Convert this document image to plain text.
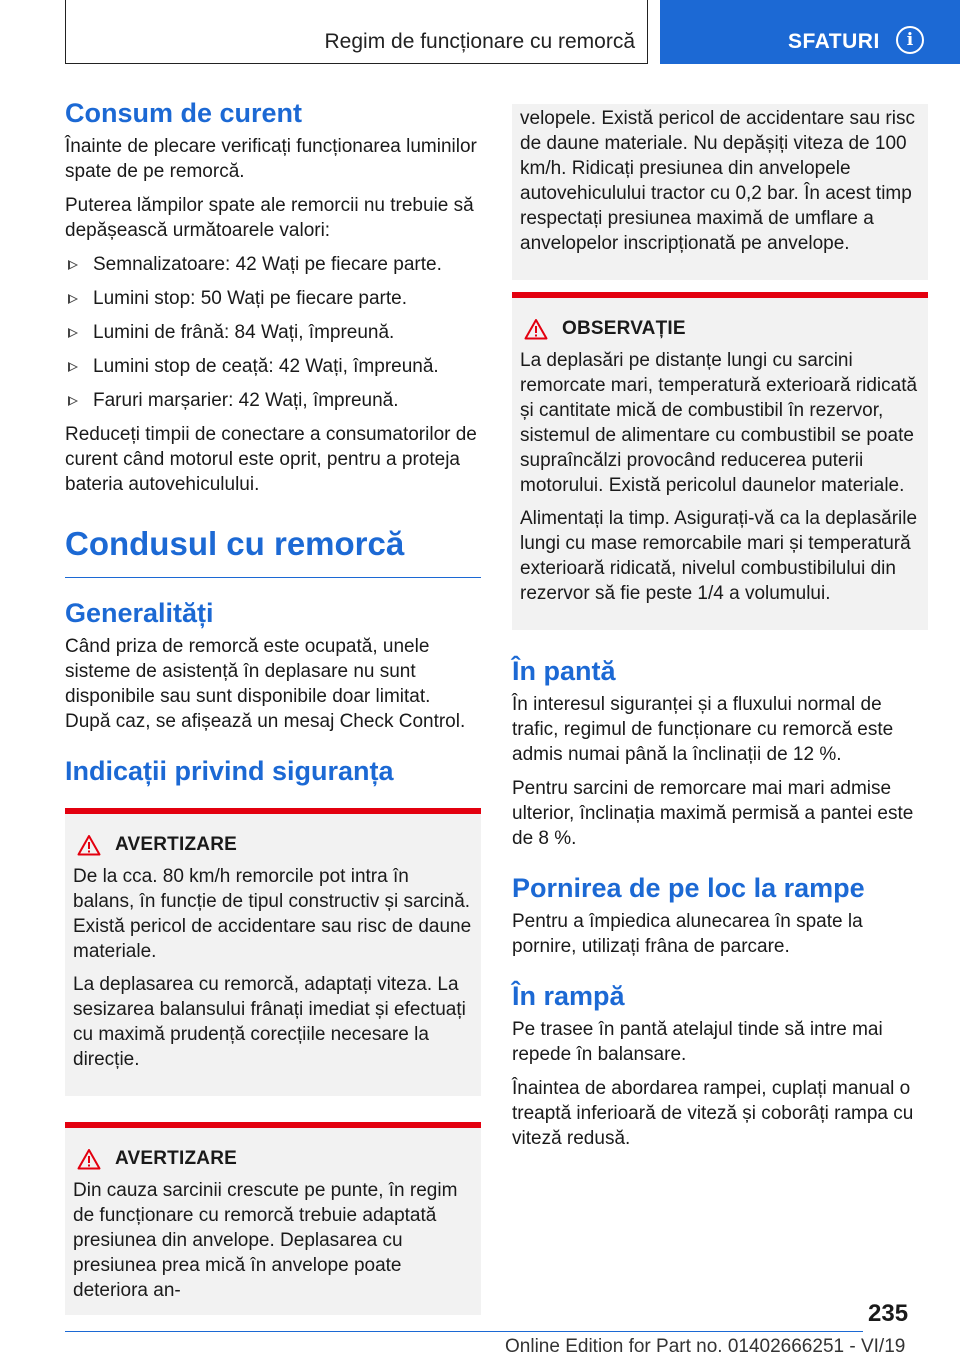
Regim de funcționare cu remorcă	SFATURI	i
Consum de curent

Înainte de plecare verificați funcționarea luminilor spate de pe remorcă.

Puterea lămpilor spate ale remorcii nu trebuie să depășească următoarele valori:

Semnalizatoare: 42 Wați pe fiecare parte.
Lumini stop: 50 Wați pe fiecare parte.
Lumini de frână: 84 Wați, împreună.
Lumini stop de ceață: 42 Wați, împreună.
Faruri marșarier: 42 Wați, împreună.

Reduceți timpii de conectare a consumatorilor de curent când motorul este oprit, pentru a proteja bateria autovehiculului.

Condusul cu remorcă
Generalități

Când priza de remorcă este ocupată, unele sisteme de asistență în deplasare nu sunt disponibile sau sunt disponibile doar limitat. După caz, se afișează un mesaj Check Control.

Indicații privind siguranța
AVERTIZARE

De la cca. 80 km/h remorcile pot intra în balans, în funcție de tipul constructiv și sarcină. Există pericol de accidentare sau risc de daune materiale.

La deplasarea cu remorcă, adaptați viteza. La sesizarea balansului frânați imediat și efectuați cu maximă prudență corecțiile necesare la direcție.

AVERTIZARE

Din cauza sarcinii crescute pe punte, în regim de funcționare cu remorcă trebuie adaptată presiunea din anvelope. Deplasarea cu presiunea prea mică în anvelope poate deteriora an-

velopele. Există pericol de accidentare sau risc de daune materiale. Nu depășiți viteza de 100 km/h. Ridicați presiunea din anvelopele autovehiculului tractor cu 0,2 bar. În acest timp respectați presiunea maximă de umflare a anvelopelor inscripționată pe anvelope.

OBSERVAȚIE

La deplasări pe distanțe lungi cu sarcini remorcate mari, temperatură exterioară ridicată și cantitate mică de combustibil în rezervor, sistemul de alimentare cu combustibil se poate supraîncălzi provocând reducerea puterii motorului. Există pericolul daunelor materiale.

Alimentați la timp. Asigurați-vă ca la deplasările lungi cu mase remorcabile mari și temperatură exterioară ridicată, nivelul combustibilului din rezervor să fie peste 1/4 a volumului.

În pantă

În interesul siguranței și a fluxului normal de trafic, regimul de funcționare cu remorcă este admis numai până la înclinații de 12 %.

Pentru sarcini de remorcare mai mari admise ulterior, înclinația maximă permisă a pantei este de 8 %.

Pornirea de pe loc la rampe

Pentru a împiedica alunecarea în spate la pornire, utilizați frâna de parcare.

În rampă

Pe trasee în pantă atelajul tinde să intre mai repede în balansare.

Înaintea de abordarea rampei, cuplați manual o treaptă inferioară de viteză și coborâți rampa cu viteză redusă.

235
Online Edition for Part no. 01402666251 - VI/19
